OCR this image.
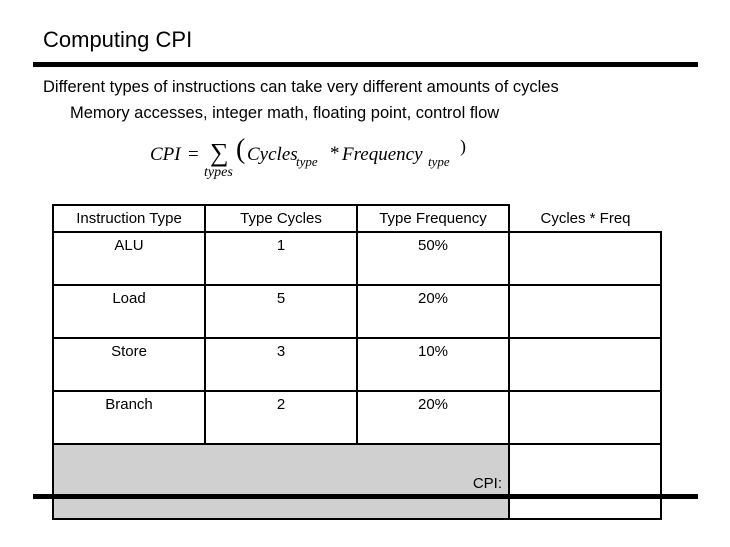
Computing CPI
Different types of instructions can take very different amounts of cycles
Memory accesses, integer math, floating point, control flow
CPI = ∑
types
( Cycles
type * Frequency type
)
Instruction Type	Type Cycles	Type Frequency	Cycles * Freq
ALU	1	50%	
Load	5	20%	
Store	3	10%	
Branch	2	20%	
CPI:			
